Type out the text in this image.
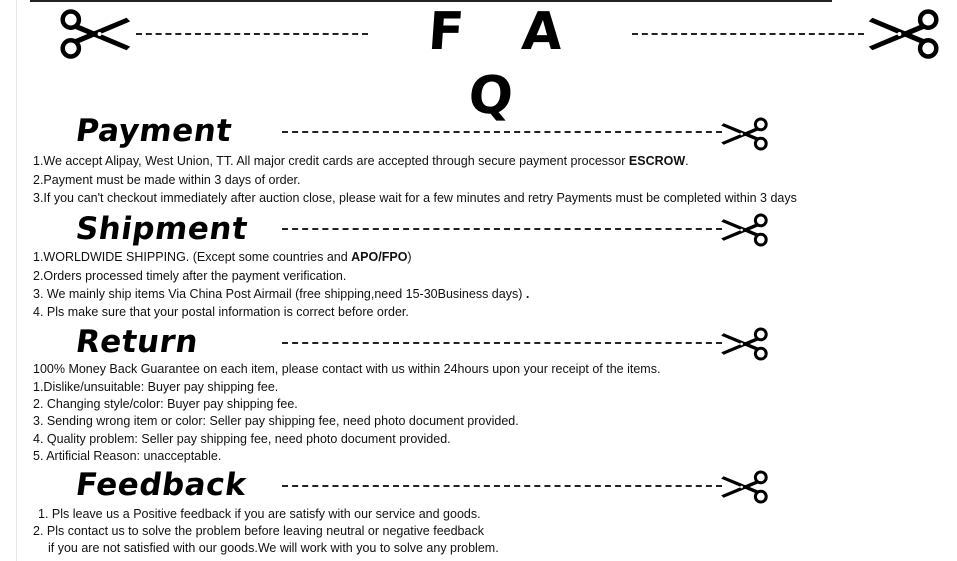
F A Q
Payment
1.We accept Alipay, West Union, TT. All major credit cards are accepted through secure payment processor ESCROW.
2.Payment must be made within 3 days of order.
3.If you can't checkout immediately after auction close, please wait for a few minutes and retry Payments must be completed within 3 days
Shipment
1.WORLDWIDE SHIPPING. (Except some countries and APO/FPO)
2.Orders processed timely after the payment verification.
3. We mainly ship items Via China Post Airmail (free shipping,need 15-30Business days) .
4. Pls make sure that your postal information is correct before order.
Return
100% Money Back Guarantee on each item, please contact with us within 24hours upon your receipt of the items.
1.Dislike/unsuitable: Buyer pay shipping fee.
2. Changing style/color: Buyer pay shipping fee.
3. Sending wrong item or color: Seller pay shipping fee, need photo document provided.
4. Quality problem: Seller pay shipping fee, need photo document provided.
5. Artificial Reason: unacceptable.
Feedback
1. Pls leave us a Positive feedback if you are satisfy with our service and goods.
2. Pls contact us to solve the problem before leaving neutral or negative feedback
if you are not satisfied with our goods.We will work with you to solve any problem.
